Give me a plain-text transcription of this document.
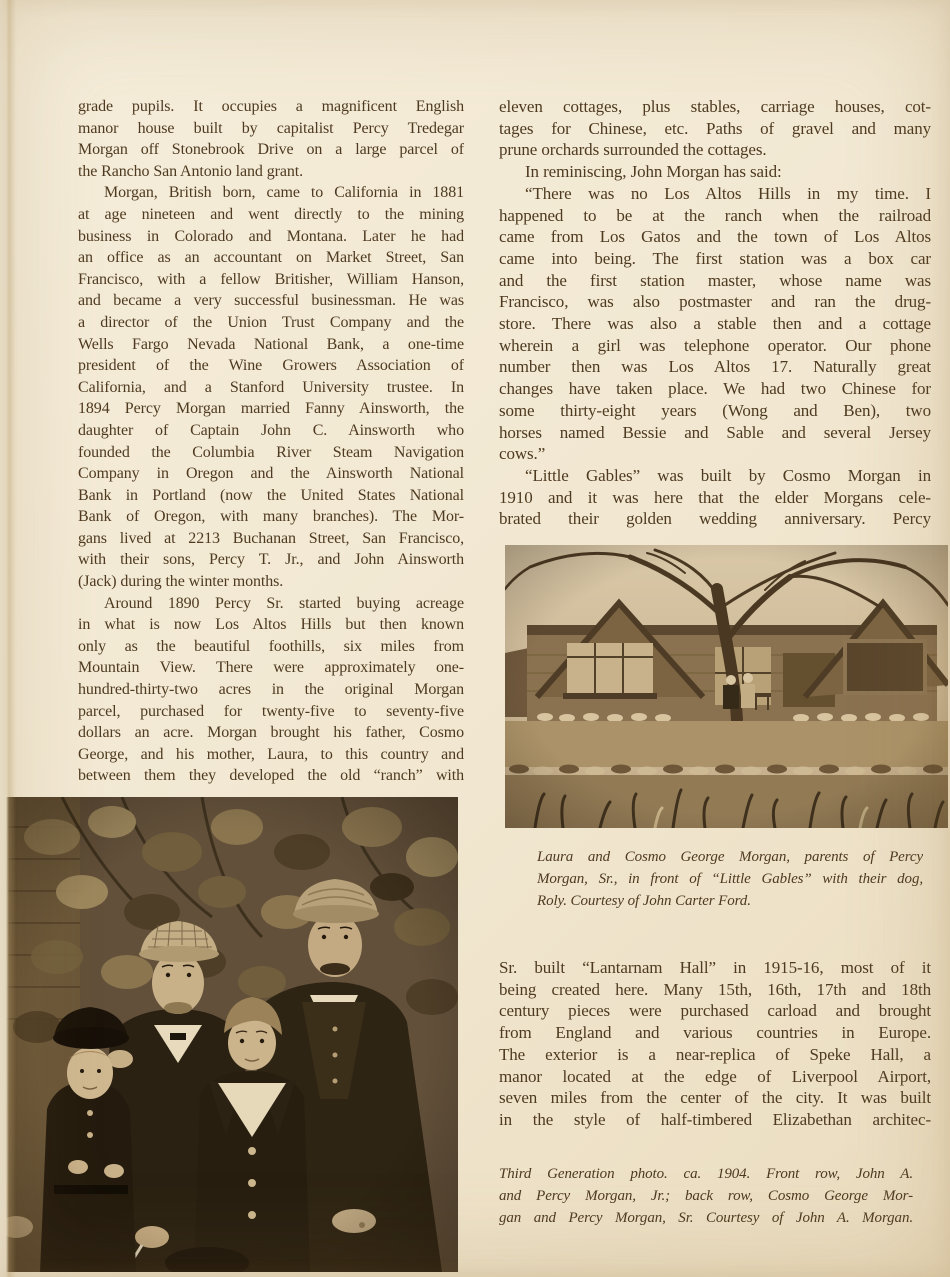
grade pupils. It occupies a magnificent English
manor house built by capitalist Percy Tredegar
Morgan off Stonebrook Drive on a large parcel of
the Rancho San Antonio land grant.
Morgan, British born, came to California in 1881
at age nineteen and went directly to the mining
business in Colorado and Montana. Later he had
an office as an accountant on Market Street, San
Francisco, with a fellow Britisher, William Hanson,
and became a very successful businessman. He was
a director of the Union Trust Company and the
Wells Fargo Nevada National Bank, a one-time
president of the Wine Growers Association of
California, and a Stanford University trustee. In
1894 Percy Morgan married Fanny Ainsworth, the
daughter of Captain John C. Ainsworth who
founded the Columbia River Steam Navigation
Company in Oregon and the Ainsworth National
Bank in Portland (now the United States National
Bank of Oregon, with many branches). The Mor-
gans lived at 2213 Buchanan Street, San Francisco,
with their sons, Percy T. Jr., and John Ainsworth
(Jack) during the winter months.
Around 1890 Percy Sr. started buying acreage
in what is now Los Altos Hills but then known
only as the beautiful foothills, six miles from
Mountain View. There were approximately one-
hundred-thirty-two acres in the original Morgan
parcel, purchased for twenty-five to seventy-five
dollars an acre. Morgan brought his father, Cosmo
George, and his mother, Laura, to this country and
between them they developed the old “ranch” with
eleven cottages, plus stables, carriage houses, cot-
tages for Chinese, etc. Paths of gravel and many
prune orchards surrounded the cottages.
In reminiscing, John Morgan has said:
“There was no Los Altos Hills in my time. I
happened to be at the ranch when the railroad
came from Los Gatos and the town of Los Altos
came into being. The first station was a box car
and the first station master, whose name was
Francisco, was also postmaster and ran the drug-
store. There was also a stable then and a cottage
wherein a girl was telephone operator. Our phone
number then was Los Altos 17. Naturally great
changes have taken place. We had two Chinese for
some thirty-eight years (Wong and Ben), two
horses named Bessie and Sable and several Jersey
cows.”
“Little Gables” was built by Cosmo Morgan in
1910 and it was here that the elder Morgans cele-
brated their golden wedding anniversary. Percy
Laura and Cosmo George Morgan, parents of Percy
Morgan, Sr., in front of “Little Gables” with their dog,
Roly. Courtesy of John Carter Ford.
Sr. built “Lantarnam Hall” in 1915-16, most of it
being created here. Many 15th, 16th, 17th and 18th
century pieces were purchased carload and brought
from England and various countries in Europe.
The exterior is a near-replica of Speke Hall, a
manor located at the edge of Liverpool Airport,
seven miles from the center of the city. It was built
in the style of half-timbered Elizabethan architec-
Third Generation photo. ca. 1904. Front row, John A.
and Percy Morgan, Jr.; back row, Cosmo George Mor-
gan and Percy Morgan, Sr. Courtesy of John A. Morgan.
